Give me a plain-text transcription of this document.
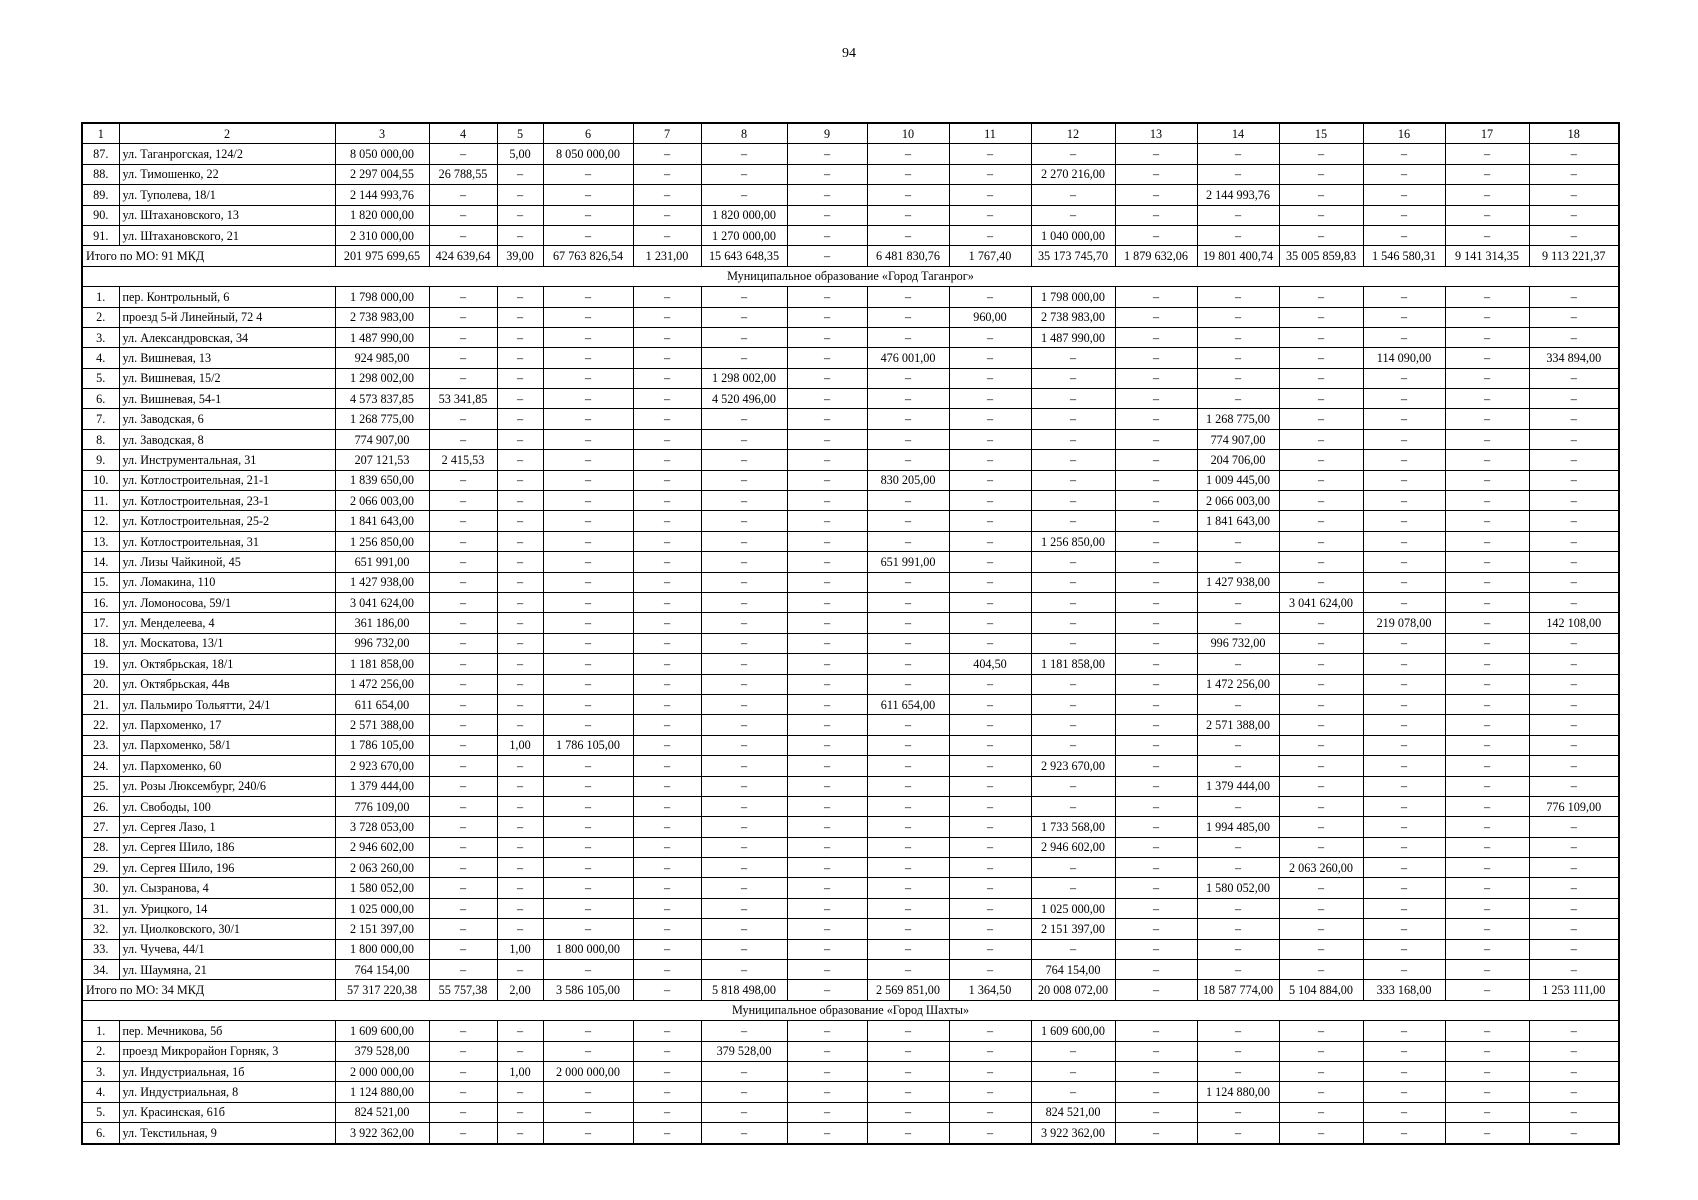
94
1	2	3	4	5	6	7	8	9	10	11	12	13	14	15	16	17	18
87.	ул. Таганрогская, 124/2	8 050 000,00	–	5,00	8 050 000,00	–	–	–	–	–	–	–	–	–	–	–	–
88.	ул. Тимошенко, 22	2 297 004,55	26 788,55	–	–	–	–	–	–	–	2 270 216,00	–	–	–	–	–	–
89.	ул. Туполева, 18/1	2 144 993,76	–	–	–	–	–	–	–	–	–	–	2 144 993,76	–	–	–	–
90.	ул. Штахановского, 13	1 820 000,00	–	–	–	–	1 820 000,00	–	–	–	–	–	–	–	–	–	–
91.	ул. Штахановского, 21	2 310 000,00	–	–	–	–	1 270 000,00	–	–	–	1 040 000,00	–	–	–	–	–	–
Итого по МО: 91 МКД		201 975 699,65	424 639,64	39,00	67 763 826,54	1 231,00	15 643 648,35	–	6 481 830,76	1 767,40	35 173 745,70	1 879 632,06	19 801 400,74	35 005 859,83	1 546 580,31	9 141 314,35	9 113 221,37
Муниципальное образование «Город Таганрог»																	
1.	пер. Контрольный, 6	1 798 000,00	–	–	–	–	–	–	–	–	1 798 000,00	–	–	–	–	–	–
2.	проезд 5-й Линейный, 72 4	2 738 983,00	–	–	–	–	–	–	–	960,00	2 738 983,00	–	–	–	–	–	–
3.	ул. Александровская, 34	1 487 990,00	–	–	–	–	–	–	–	–	1 487 990,00	–	–	–	–	–	–
4.	ул. Вишневая, 13	924 985,00	–	–	–	–	–	–	476 001,00	–	–	–	–	–	114 090,00	–	334 894,00
5.	ул. Вишневая, 15/2	1 298 002,00	–	–	–	–	1 298 002,00	–	–	–	–	–	–	–	–	–	–
6.	ул. Вишневая, 54-1	4 573 837,85	53 341,85	–	–	–	4 520 496,00	–	–	–	–	–	–	–	–	–	–
7.	ул. Заводская, 6	1 268 775,00	–	–	–	–	–	–	–	–	–	–	1 268 775,00	–	–	–	–
8.	ул. Заводская, 8	774 907,00	–	–	–	–	–	–	–	–	–	–	774 907,00	–	–	–	–
9.	ул. Инструментальная, 31	207 121,53	2 415,53	–	–	–	–	–	–	–	–	–	204 706,00	–	–	–	–
10.	ул. Котлостроительная, 21-1	1 839 650,00	–	–	–	–	–	–	830 205,00	–	–	–	1 009 445,00	–	–	–	–
11.	ул. Котлостроительная, 23-1	2 066 003,00	–	–	–	–	–	–	–	–	–	–	2 066 003,00	–	–	–	–
12.	ул. Котлостроительная, 25-2	1 841 643,00	–	–	–	–	–	–	–	–	–	–	1 841 643,00	–	–	–	–
13.	ул. Котлостроительная, 31	1 256 850,00	–	–	–	–	–	–	–	–	1 256 850,00	–	–	–	–	–	–
14.	ул. Лизы Чайкиной, 45	651 991,00	–	–	–	–	–	–	651 991,00	–	–	–	–	–	–	–	–
15.	ул. Ломакина, 110	1 427 938,00	–	–	–	–	–	–	–	–	–	–	1 427 938,00	–	–	–	–
16.	ул. Ломоносова, 59/1	3 041 624,00	–	–	–	–	–	–	–	–	–	–	–	3 041 624,00	–	–	–
17.	ул. Менделеева, 4	361 186,00	–	–	–	–	–	–	–	–	–	–	–	–	219 078,00	–	142 108,00
18.	ул. Москатова, 13/1	996 732,00	–	–	–	–	–	–	–	–	–	–	996 732,00	–	–	–	–
19.	ул. Октябрьская, 18/1	1 181 858,00	–	–	–	–	–	–	–	404,50	1 181 858,00	–	–	–	–	–	–
20.	ул. Октябрьская, 44в	1 472 256,00	–	–	–	–	–	–	–	–	–	–	1 472 256,00	–	–	–	–
21.	ул. Пальмиро Тольятти, 24/1	611 654,00	–	–	–	–	–	–	611 654,00	–	–	–	–	–	–	–	–
22.	ул. Пархоменко, 17	2 571 388,00	–	–	–	–	–	–	–	–	–	–	2 571 388,00	–	–	–	–
23.	ул. Пархоменко, 58/1	1 786 105,00	–	1,00	1 786 105,00	–	–	–	–	–	–	–	–	–	–	–	–
24.	ул. Пархоменко, 60	2 923 670,00	–	–	–	–	–	–	–	–	2 923 670,00	–	–	–	–	–	–
25.	ул. Розы Люксембург, 240/6	1 379 444,00	–	–	–	–	–	–	–	–	–	–	1 379 444,00	–	–	–	–
26.	ул. Свободы, 100	776 109,00	–	–	–	–	–	–	–	–	–	–	–	–	–	–	776 109,00
27.	ул. Сергея Лазо, 1	3 728 053,00	–	–	–	–	–	–	–	–	1 733 568,00	–	1 994 485,00	–	–	–	–
28.	ул. Сергея Шило, 186	2 946 602,00	–	–	–	–	–	–	–	–	2 946 602,00	–	–	–	–	–	–
29.	ул. Сергея Шило, 196	2 063 260,00	–	–	–	–	–	–	–	–	–	–	–	2 063 260,00	–	–	–
30.	ул. Сызранова, 4	1 580 052,00	–	–	–	–	–	–	–	–	–	–	1 580 052,00	–	–	–	–
31.	ул. Урицкого, 14	1 025 000,00	–	–	–	–	–	–	–	–	1 025 000,00	–	–	–	–	–	–
32.	ул. Циолковского, 30/1	2 151 397,00	–	–	–	–	–	–	–	–	2 151 397,00	–	–	–	–	–	–
33.	ул. Чучева, 44/1	1 800 000,00	–	1,00	1 800 000,00	–	–	–	–	–	–	–	–	–	–	–	–
34.	ул. Шаумяна, 21	764 154,00	–	–	–	–	–	–	–	–	764 154,00	–	–	–	–	–	–
Итого по МО: 34 МКД		57 317 220,38	55 757,38	2,00	3 586 105,00	–	5 818 498,00	–	2 569 851,00	1 364,50	20 008 072,00	–	18 587 774,00	5 104 884,00	333 168,00	–	1 253 111,00
Муниципальное образование «Город Шахты»																	
1.	пер. Мечникова, 5б	1 609 600,00	–	–	–	–	–	–	–	–	1 609 600,00	–	–	–	–	–	–
2.	проезд Микрорайон Горняк, 3	379 528,00	–	–	–	–	379 528,00	–	–	–	–	–	–	–	–	–	–
3.	ул. Индустриальная, 1б	2 000 000,00	–	1,00	2 000 000,00	–	–	–	–	–	–	–	–	–	–	–	–
4.	ул. Индустриальная, 8	1 124 880,00	–	–	–	–	–	–	–	–	–	–	1 124 880,00	–	–	–	–
5.	ул. Красинская, 61б	824 521,00	–	–	–	–	–	–	–	–	824 521,00	–	–	–	–	–	–
6.	ул. Текстильная, 9	3 922 362,00	–	–	–	–	–	–	–	–	3 922 362,00	–	–	–	–	–	–
